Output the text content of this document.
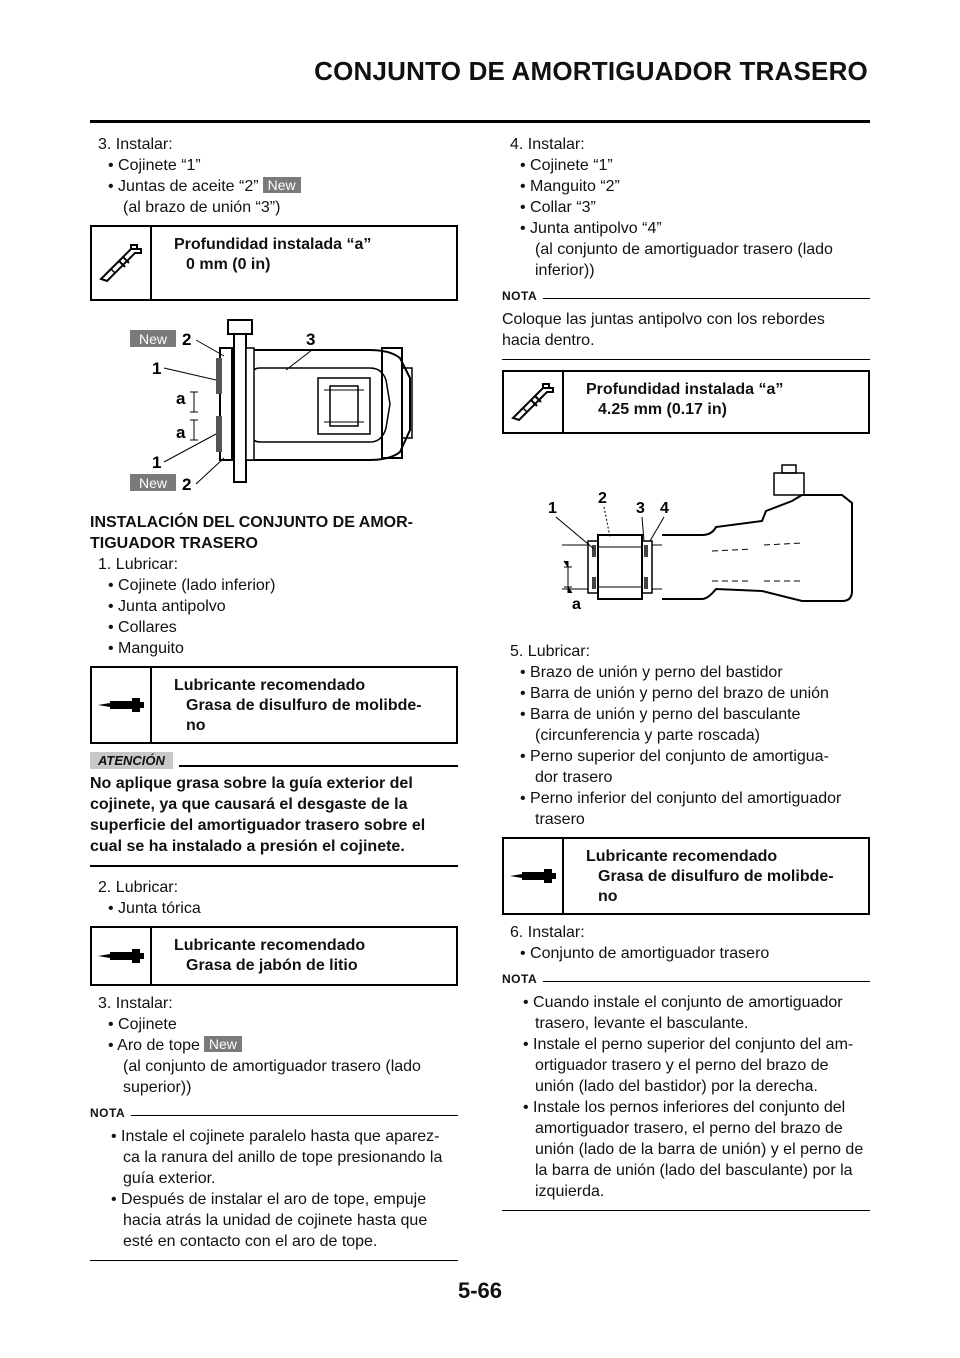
CONJUNTO DE AMORTIGUADOR TRASERO
3. Instalar:
• Cojinete “1”
• Juntas de aceite “2” New
(al brazo de unión “3”)
Profundidad instalada “a”
0 mm (0 in)
New
New
2	3
1
a
a
1
2
INSTALACIÓN DEL CONJUNTO DE AMOR-
TIGUADOR TRASERO
1. Lubricar:
• Cojinete (lado inferior)
• Junta antipolvo
• Collares
• Manguito
Lubricante recomendado
Grasa de disulfuro de molibde-
no
ATENCIÓN
No aplique grasa sobre la guía exterior del
cojinete, ya que causará el desgaste de la
superficie del amortiguador trasero sobre el
cual se ha instalado a presión el cojinete.
2. Lubricar:
• Junta tórica
Lubricante recomendado
Grasa de jabón de litio
3. Instalar:
• Cojinete
• Aro de tope New
(al conjunto de amortiguador trasero (lado
superior))
NOTA
• Instale el cojinete paralelo hasta que aparez-
ca la ranura del anillo de tope presionando la
guía exterior.
• Después de instalar el aro de tope, empuje
hacia atrás la unidad de cojinete hasta que
esté en contacto con el aro de tope.
4. Instalar:
• Cojinete “1”
• Manguito “2”
• Collar “3”
• Junta antipolvo “4”
(al conjunto de amortiguador trasero (lado
inferior))
NOTA
Coloque las juntas antipolvo con los rebordes
hacia dentro.
Profundidad instalada “a”
4.25 mm (0.17 in)
1
2
3 4
a
5. Lubricar:
• Brazo de unión y perno del bastidor
• Barra de unión y perno del brazo de unión
• Barra de unión y perno del basculante
(circunferencia y parte roscada)
• Perno superior del conjunto de amortigua-
dor trasero
• Perno inferior del conjunto del amortiguador
trasero
Lubricante recomendado
Grasa de disulfuro de molibde-
no
6. Instalar:
• Conjunto de amortiguador trasero
NOTA
• Cuando instale el conjunto de amortiguador
trasero, levante el basculante.
• Instale el perno superior del conjunto del am-
ortiguador trasero y el perno del brazo de
unión (lado del bastidor) por la derecha.
• Instale los pernos inferiores del conjunto del
amortiguador trasero, el perno del brazo de
unión (lado de la barra de unión) y el perno de
la barra de unión (lado del basculante) por la
izquierda.
5-66
